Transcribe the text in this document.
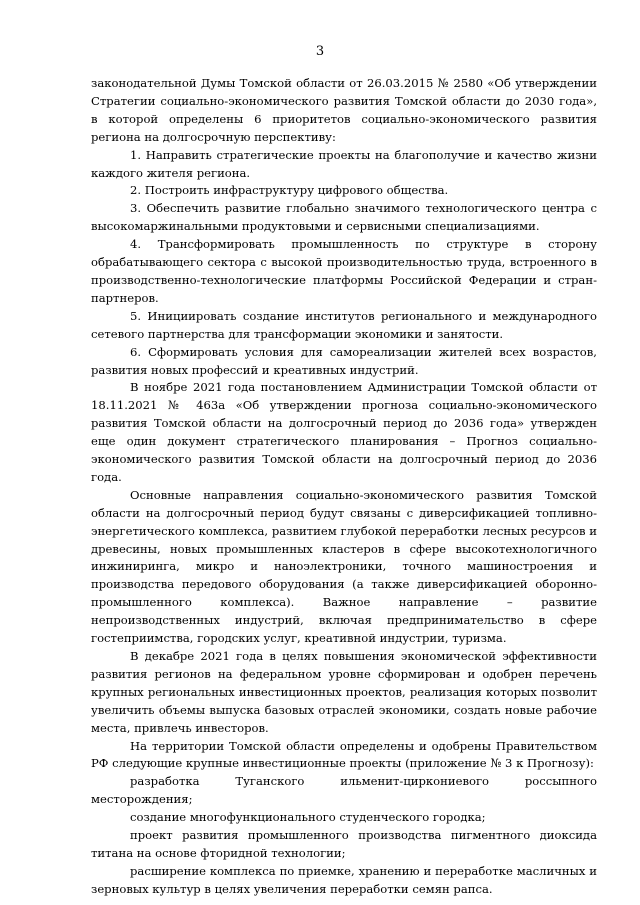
3

законодательной Думы Томской области от 26.03.2015 № 2580 «Об утверждении Стратегии социально-экономического развития Томской области до 2030 года», в которой определены 6 приоритетов социально-экономического развития региона на долгосрочную перспективу:

1. Направить стратегические проекты на благополучие и качество жизни каждого жителя региона.

2. Построить инфраструктуру цифрового общества.

3. Обеспечить развитие глобально значимого технологического центра с высокомаржинальными продуктовыми и сервисными специализациями.

4. Трансформировать промышленность по структуре в сторону обрабатывающего сектора с высокой производительностью труда, встроенного в производственно-технологические платформы Российской Федерации и стран-партнеров.

5. Инициировать создание институтов регионального и международного сетевого партнерства для трансформации экономики и занятости.

6. Сформировать условия для самореализации жителей всех возрастов, развития новых профессий и креативных индустрий.

В ноябре 2021 года постановлением Администрации Томской области от 18.11.2021 № 463а «Об утверждении прогноза социально-экономического развития Томской области на долгосрочный период до 2036 года» утвержден еще один документ стратегического планирования – Прогноз социально-экономического развития Томской области на долгосрочный период до 2036 года.

Основные направления социально-экономического развития Томской области на долгосрочный период будут связаны с диверсификацией топливно-энергетического комплекса, развитием глубокой переработки лесных ресурсов и древесины, новых промышленных кластеров в сфере высокотехнологичного инжиниринга, микро и наноэлектроники, точного машиностроения и производства передового оборудования (а также диверсификацией оборонно-промышленного комплекса). Важное направление – развитие непроизводственных индустрий, включая предпринимательство в сфере гостеприимства, городских услуг, креативной индустрии, туризма.

В декабре 2021 года в целях повышения экономической эффективности развития регионов на федеральном уровне сформирован и одобрен перечень крупных региональных инвестиционных проектов, реализация которых позволит увеличить объемы выпуска базовых отраслей экономики, создать новые рабочие места, привлечь инвесторов.

На территории Томской области определены и одобрены Правительством РФ следующие крупные инвестиционные проекты (приложение № 3 к Прогнозу):

разработка Туганского ильменит-циркониевого россыпного месторождения;

создание многофункционального студенческого городка;

проект развития промышленного производства пигментного диоксида титана на основе фторидной технологии;

расширение комплекса по приемке, хранению и переработке масличных и зерновых культур в целях увеличения переработки семян рапса.
